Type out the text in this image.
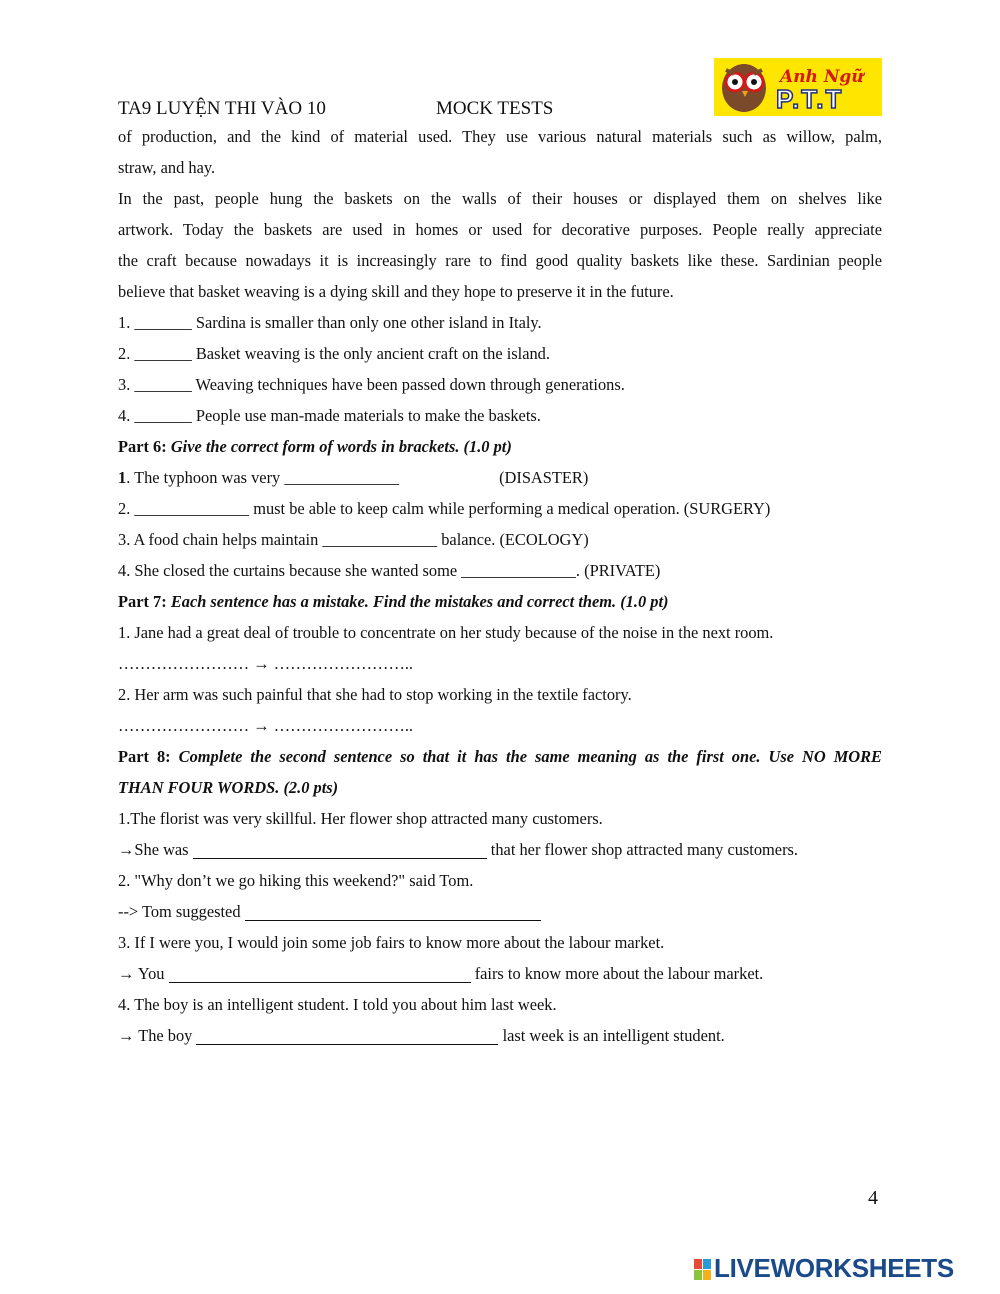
TA9 LUYỆN THI VÀO 10	MOCK TESTS
Anh Ngữ
P.T.T
of production, and the kind of material used. They use various natural materials such as willow, palm,
straw, and hay.
In the past, people hung the baskets on the walls of their houses or displayed them on shelves like
artwork. Today the baskets are used in homes or used for decorative purposes. People really appreciate
the craft because nowadays it is increasingly rare to find good quality baskets like these. Sardinian people
believe that basket weaving is a dying skill and they hope to preserve it in the future.
1. _______ Sardina is smaller than only one other island in Italy.
2. _______ Basket weaving is the only ancient craft on the island.
3. _______ Weaving techniques have been passed down through generations.
4. _______ People use man-made materials to make the baskets.
Part 6: Give the correct form of words in brackets. (1.0 pt)
1. The typhoon was very ______________	(DISASTER)
2. ______________ must be able to keep calm while performing a medical operation. (SURGERY)
3. A food chain helps maintain ______________ balance. (ECOLOGY)
4. She closed the curtains because she wanted some ______________. (PRIVATE)
Part 7: Each sentence has a mistake. Find the mistakes and correct them. (1.0 pt)
1. Jane had a great deal of trouble to concentrate on her study because of the noise in the next room.
…………………… → ……………………..
2. Her arm was such painful that she had to stop working in the textile factory.
…………………… → ……………………..
Part 8: Complete the second sentence so that it has the same meaning as the first one. Use NO MORE
THAN FOUR WORDS. (2.0 pts)
1.The florist was very skillful. Her flower shop attracted many customers.
→She was	that her flower shop attracted many customers.
2. "Why don’t we go hiking this weekend?" said Tom.
--> Tom suggested
3. If I were you, I would join some job fairs to know more about the labour market.
→ You	fairs to know more about the labour market.
4. The boy is an intelligent student. I told you about him last week.
→ The boy	last week is an intelligent student.
4
LIVEWORKSHEETS
